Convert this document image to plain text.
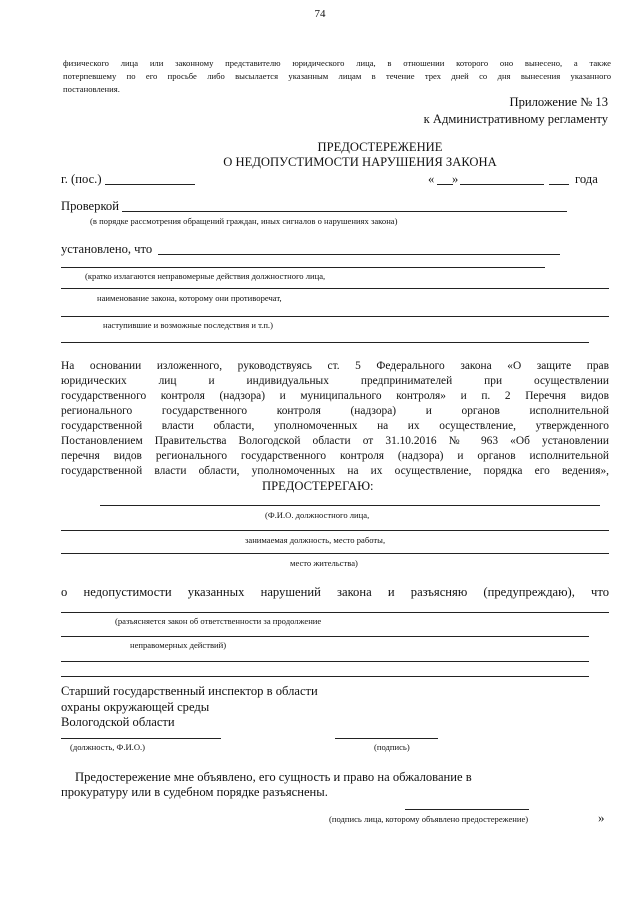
74
физического лица или законному представителю юридического лица, в отношении которого оно вынесено, а также
потерпевшему по его просьбе либо высылается указанным лицам в течение трех дней со дня вынесения указанного
постановления.
Приложение № 13
к Административному регламенту
ПРЕДОСТЕРЕЖЕНИЕ
О НЕДОПУСТИМОСТИ НАРУШЕНИЯ ЗАКОНА
г. (пос.)	« »	года
Проверкой
(в порядке рассмотрения обращений граждан, иных сигналов о нарушениях закона)
установлено, что
(кратко излагаются неправомерные действия должностного лица,
наименование закона, которому они противоречат,
наступившие и возможные последствия и т.п.)
На основании изложенного, руководствуясь ст. 5 Федерального закона «О защите прав
юридических лиц и индивидуальных предпринимателей при осуществлении
государственного контроля (надзора) и муниципального контроля» и п. 2 Перечня видов
регионального государственного контроля (надзора) и органов исполнительной
государственной власти области, уполномоченных на их осуществление, утвержденного
Постановлением Правительства Вологодской области от 31.10.2016 № 963 «Об установлении
перечня видов регионального государственного контроля (надзора) и органов исполнительной
государственной власти области, уполномоченных на их осуществление, порядка его ведения»,
ПРЕДОСТЕРЕГАЮ:
(Ф.И.О. должностного лица,
занимаемая должность, место работы,
место жительства)
о недопустимости указанных нарушений закона и разъясняю (предупреждаю), что
(разъясняется закон об ответственности за продолжение
неправомерных действий)
Старший государственный инспектор в области
охраны окружающей среды
Вологодской области
(должность, Ф.И.О.)	(подпись)
Предостережение мне объявлено, его сущность и право на обжалование в
прокуратуру или в судебном порядке разъяснены.
(подпись лица, которому объявлено предостережение)	»
